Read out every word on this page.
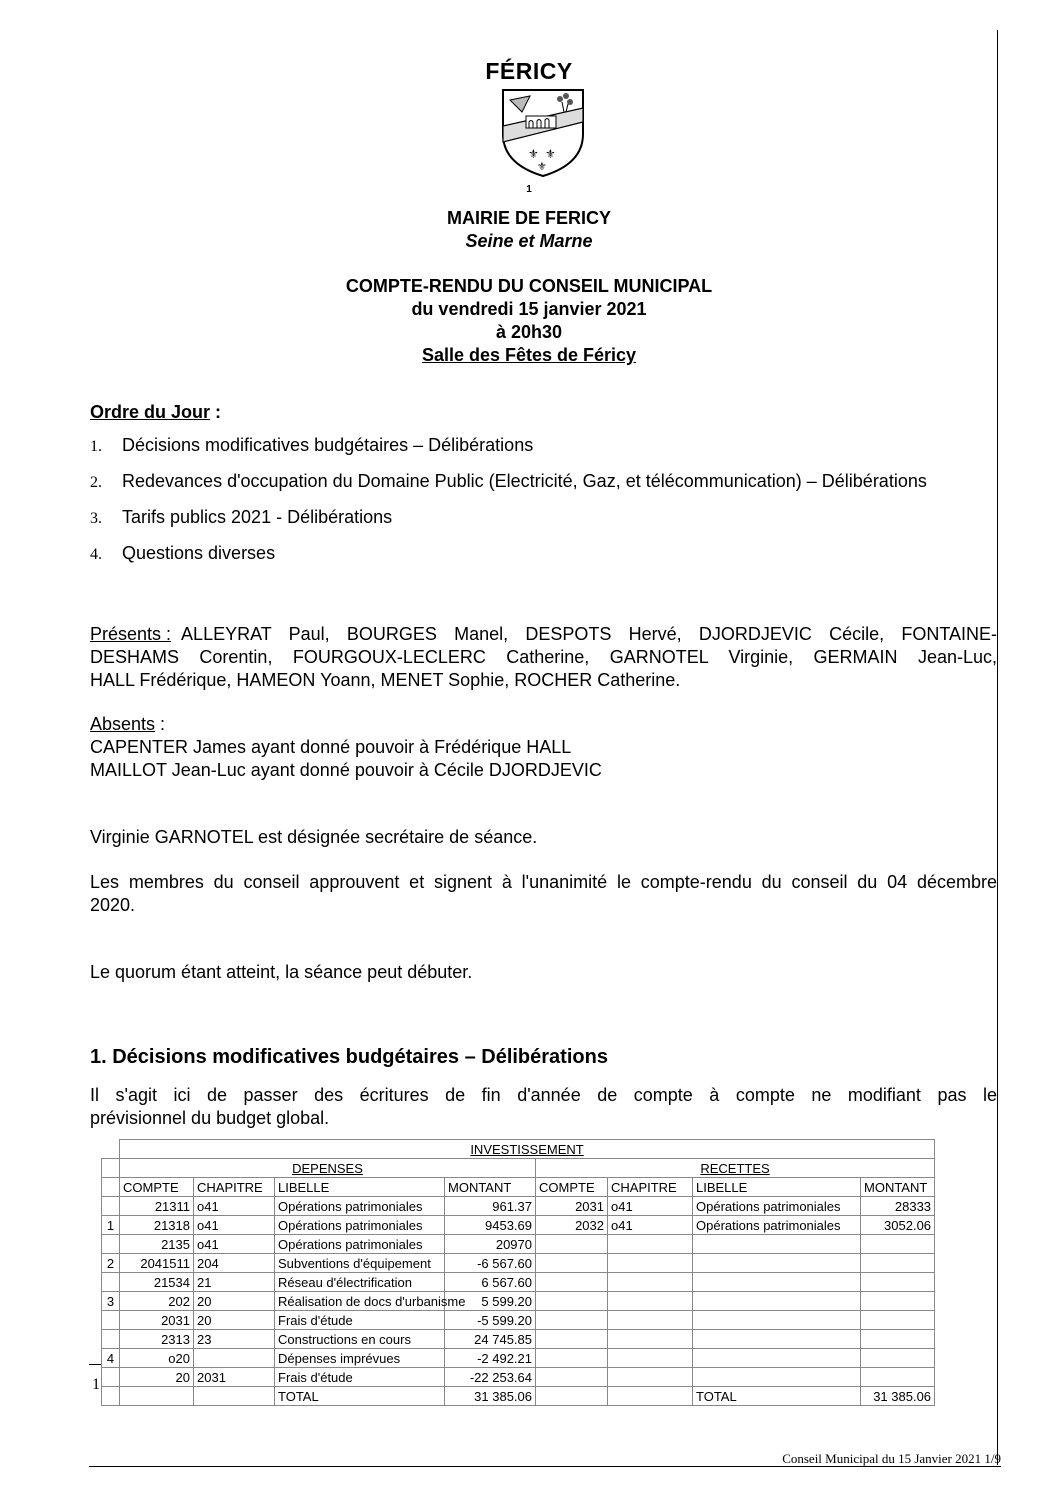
FÉRICY
⚜ ⚜
⚜
1
MAIRIE DE FERICY
Seine et Marne
COMPTE-RENDU DU CONSEIL MUNICIPAL
du vendredi 15 janvier 2021
à 20h30
Salle des Fêtes de Féricy
Ordre du Jour :
1. Décisions modificatives budgétaires – Délibérations
2. Redevances d'occupation du Domaine Public (Electricité, Gaz, et télécommunication) – Délibérations
3. Tarifs publics 2021 - Délibérations
4. Questions diverses
Présents : ALLEYRAT Paul, BOURGES Manel, DESPOTS Hervé, DJORDJEVIC Cécile, FONTAINE-
DESHAMS Corentin, FOURGOUX-LECLERC Catherine, GARNOTEL Virginie, GERMAIN Jean-Luc,
HALL Frédérique, HAMEON Yoann, MENET Sophie, ROCHER Catherine.
Absents :
CAPENTER James ayant donné pouvoir à Frédérique HALL
MAILLOT Jean-Luc ayant donné pouvoir à Cécile DJORDJEVIC
Virginie GARNOTEL est désignée secrétaire de séance.
Les membres du conseil approuvent et signent à l'unanimité le compte-rendu du conseil du 04 décembre
2020.
Le quorum étant atteint, la séance peut débuter.
1. Décisions modificatives budgétaires – Délibérations
Il s'agit ici de passer des écritures de fin d'année de compte à compte ne modifiant pas le
prévisionnel du budget global.
	INVESTISSEMENT							
	DEPENSES				RECETTES			
	COMPTE	CHAPITRE	LIBELLE	MONTANT	COMPTE	CHAPITRE	LIBELLE	MONTANT
	21311	o41	Opérations patrimoniales	961.37	2031	o41	Opérations patrimoniales	28333
1	21318	o41	Opérations patrimoniales	9453.69	2032	o41	Opérations patrimoniales	3052.06
	2135	o41	Opérations patrimoniales	20970				
2	2041511	204	Subventions d'équipement	-6 567.60				
	21534	21	Réseau d'électrification	6 567.60				
3	202	20	Réalisation de docs d'urbanisme	5 599.20				
	2031	20	Frais d'étude	-5 599.20				
	2313	23	Constructions en cours	24 745.85				
4	o20		Dépenses imprévues	-2 492.21				
	20	2031	Frais d'étude	-22 253.64				
			TOTAL	31 385.06			TOTAL	31 385.06
1
Conseil Municipal du 15 Janvier 2021 1/9
